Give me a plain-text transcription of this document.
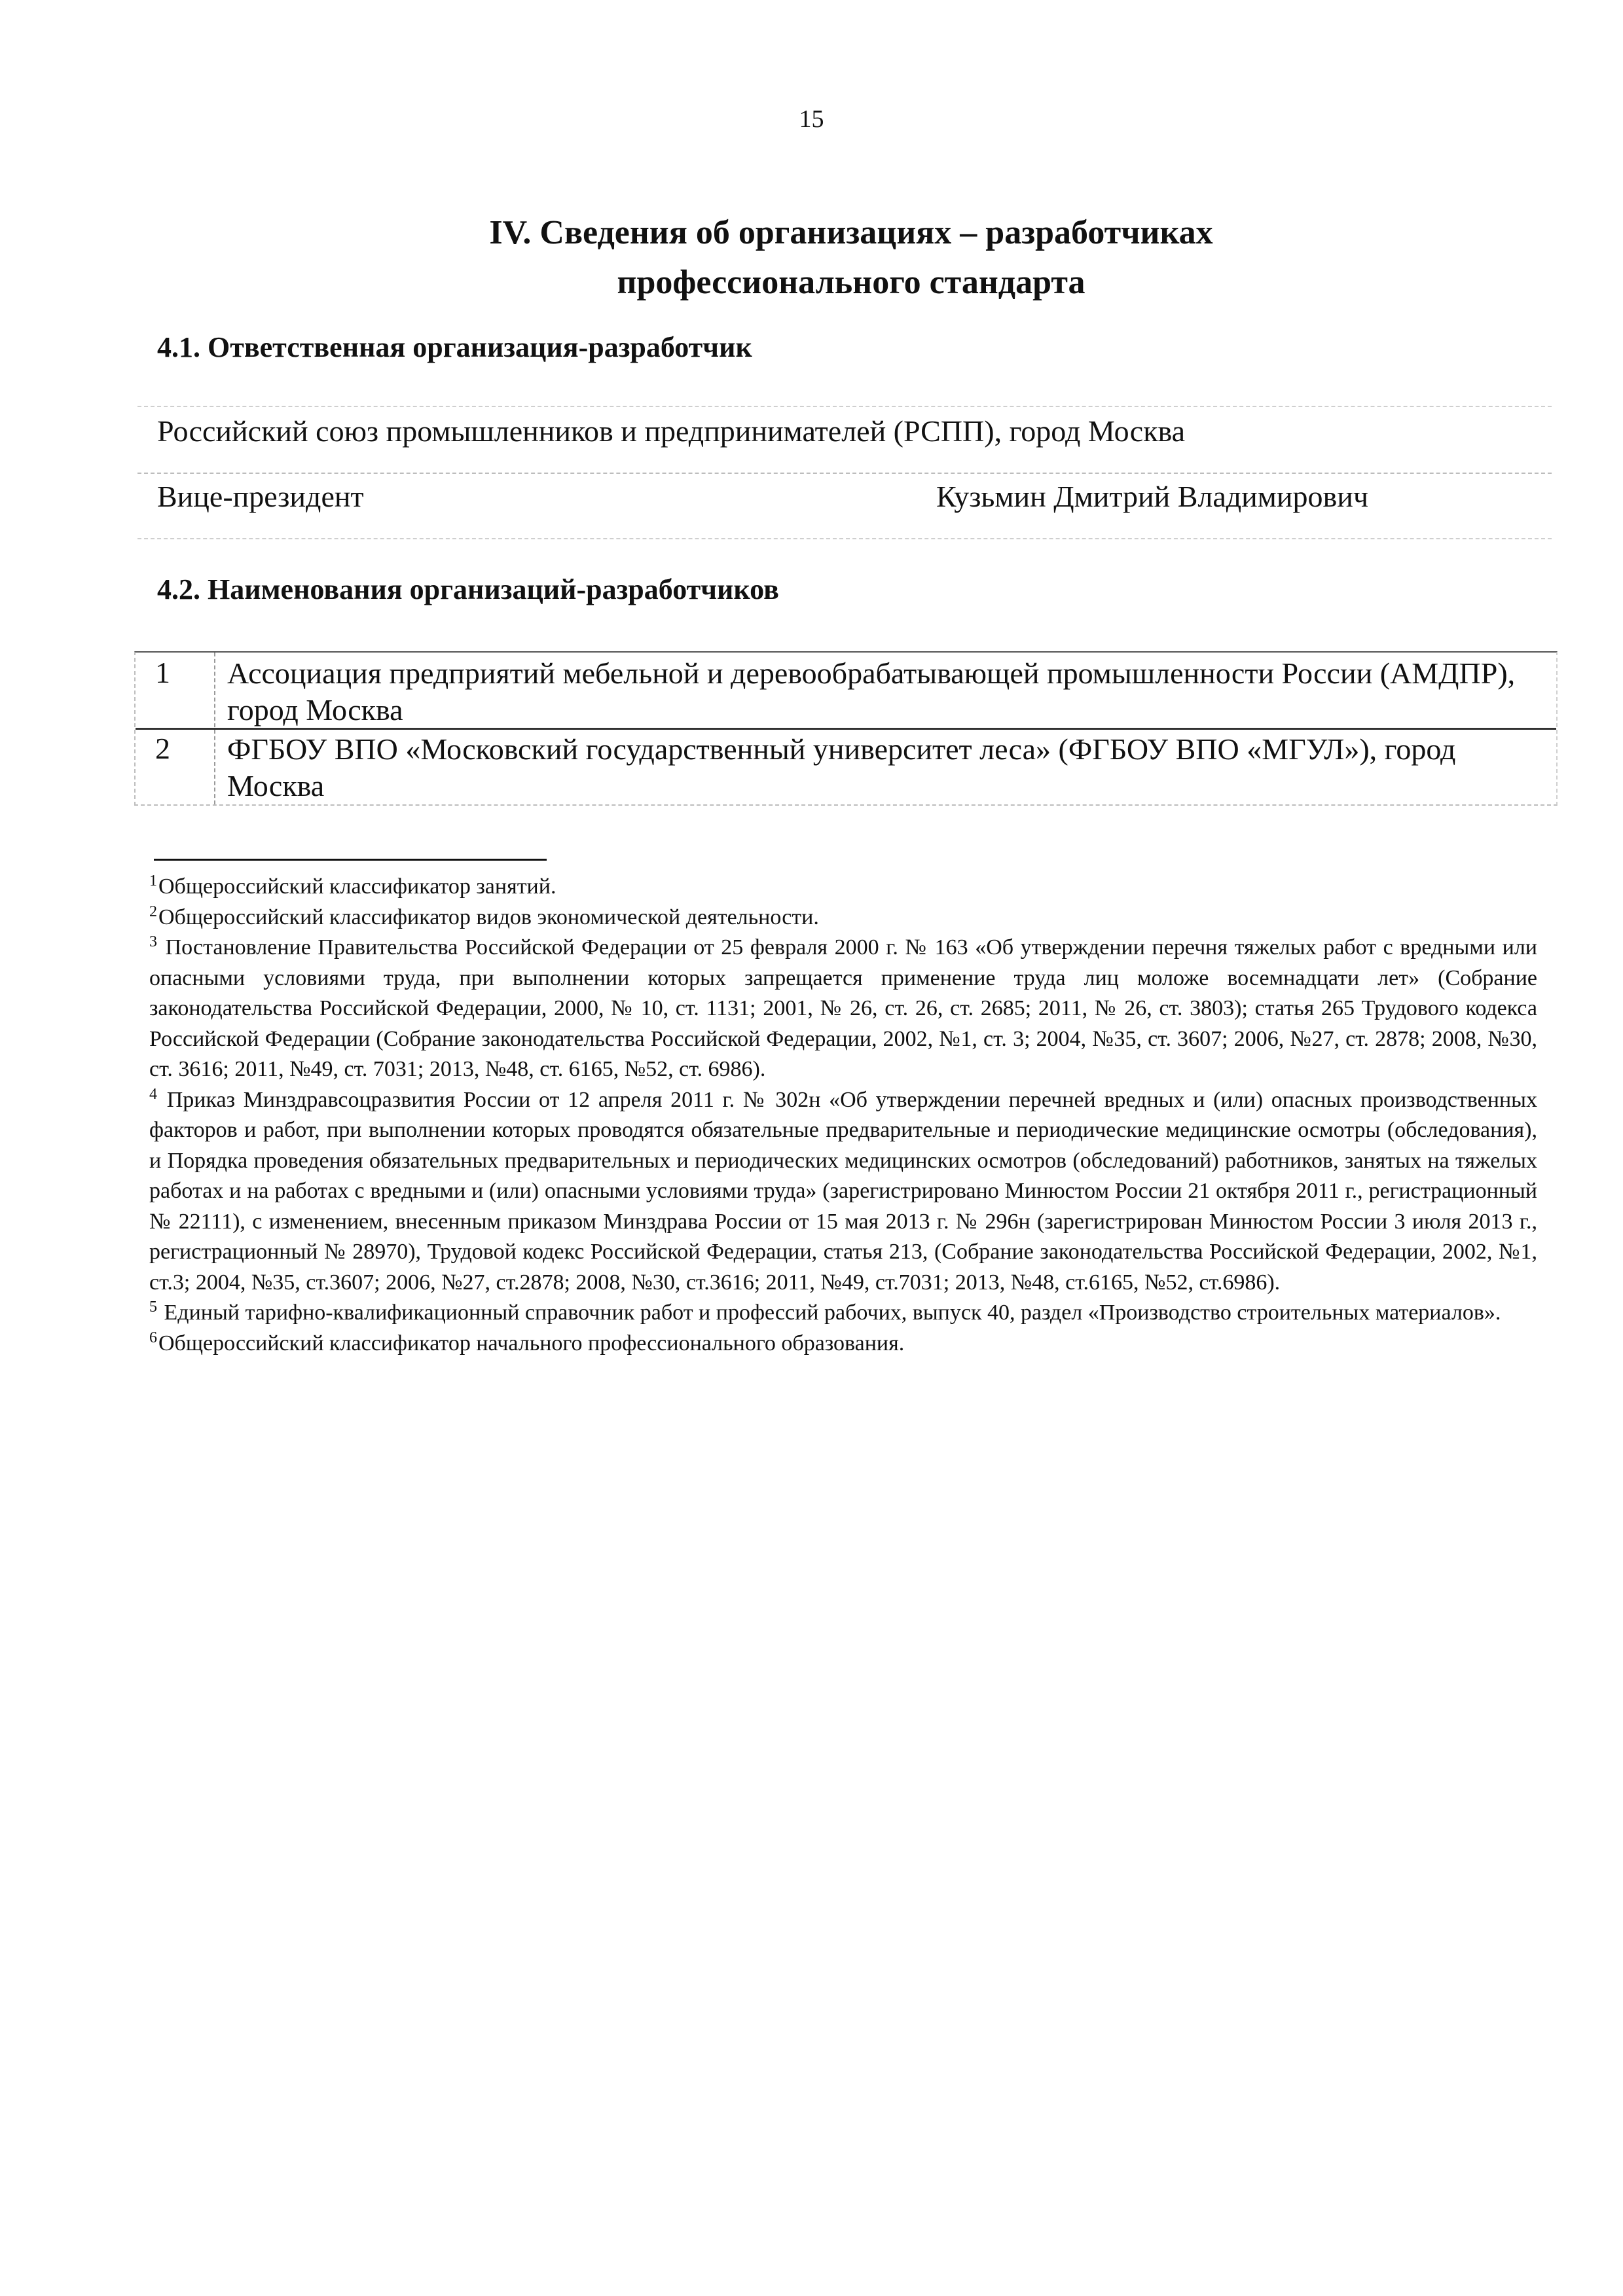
15
IV. Сведения об организациях – разработчиках
профессионального стандарта
4.1. Ответственная организация-разработчик
Российский союз промышленников и предпринимателей (РСПП), город Москва
Вице-президент	Кузьмин Дмитрий Владимирович
4.2. Наименования организаций-разработчиков
1 Ассоциация предприятий мебельной и деревообрабатывающей промышленности России (АМДПР), город Москва
2 ФГБОУ ВПО «Московский государственный университет леса» (ФГБОУ ВПО «МГУЛ»), город Москва

$^1$Общероссийский классификатор занятий.

$^2$Общероссийский классификатор видов экономической деятельности.

$^3$ Постановление Правительства Российской Федерации от 25 февраля 2000 г. № 163 «Об утверждении перечня тяжелых работ с вредными или опасными условиями труда, при выполнении которых запрещается применение труда лиц моложе восемнадцати лет» (Собрание законодательства Российской Федерации, 2000, № 10, ст. 1131; 2001, № 26, ст. 26, ст. 2685; 2011, № 26, ст. 3803); статья 265 Трудового кодекса Российской Федерации (Собрание законодательства Российской Федерации, 2002, №1, ст. 3; 2004, №35, ст. 3607; 2006, №27, ст. 2878; 2008, №30, ст. 3616; 2011, №49, ст. 7031; 2013, №48, ст. 6165, №52, ст. 6986).

$^4$ Приказ Минздравсоцразвития России от 12 апреля 2011 г. № 302н «Об утверждении перечней вредных и (или) опасных производственных факторов и работ, при выполнении которых проводятся обязательные предварительные и периодические медицинские осмотры (обследования), и Порядка проведения обязательных предварительных и периодических медицинских осмотров (обследований) работников, занятых на тяжелых работах и на работах с вредными и (или) опасными условиями труда» (зарегистрировано Минюстом России 21 октября 2011 г., регистрационный № 22111), с изменением, внесенным приказом Минздрава России от 15 мая 2013 г. № 296н (зарегистрирован Минюстом России 3 июля 2013 г., регистрационный № 28970), Трудовой кодекс Российской Федерации, статья 213, (Собрание законодательства Российской Федерации, 2002, №1, ст.3; 2004, №35, ст.3607; 2006, №27, ст.2878; 2008, №30, ст.3616; 2011, №49, ст.7031; 2013, №48, ст.6165, №52, ст.6986).

$^5$ Единый тарифно-квалификационный справочник работ и профессий рабочих, выпуск 40, раздел «Производство строительных материалов».

$^6$Общероссийский классификатор начального профессионального образования.
